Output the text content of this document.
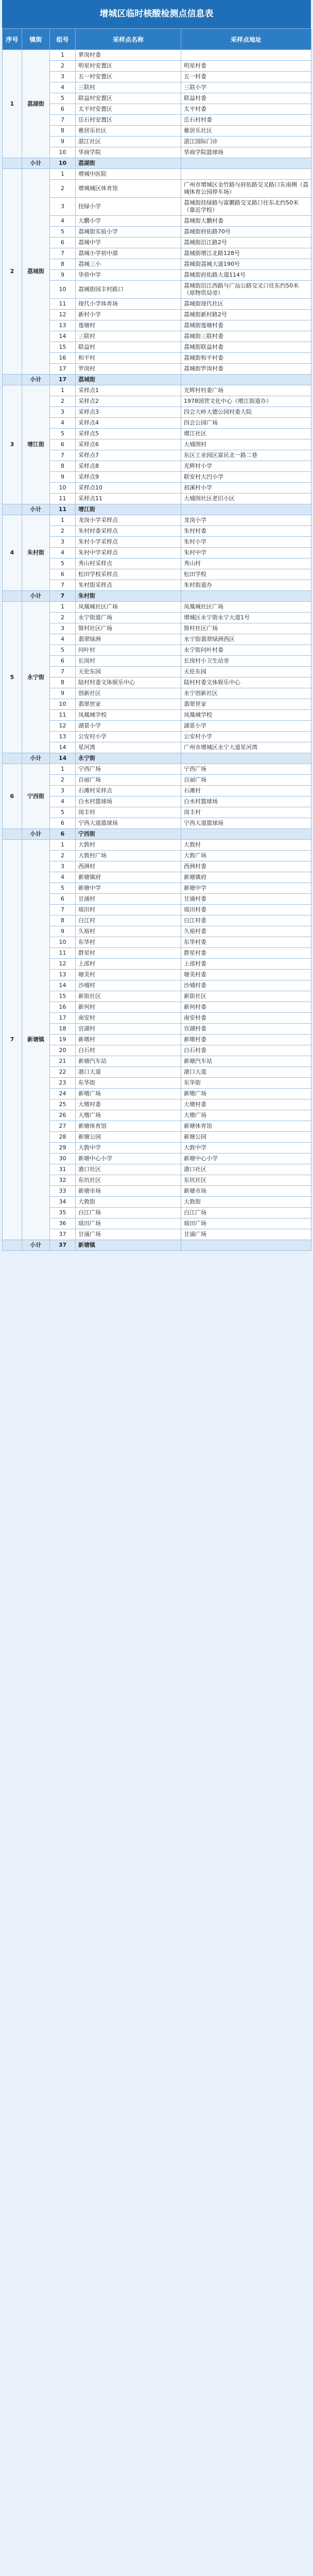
增城区临时核酸检测点信息表
序号	镇街	组号	采样点名称	采样点地址
1	荔湖街	1	萝岗村委	
		2	明星村安置区	明星村委
		3	五一村安置区	五一村委
		4	三联村	三联小学
		5	联益村安置区	联益村委
		6	太平村安置区	太平村委
		7	岳石村安置区	岳石村村委
		8	雅居乐社区	雅居乐社区
		9	湛江社区	湛江国际门诊
		10	华商学院	华商学院篮球场
	小计	10	荔湖街	
2	荔城街	1	增城中医院	
		2	增城城区体育馆	广州市增城区金竹路与府佑路交叉路口东南侧（荔城体育公园停车场）
		3	挂绿小学	荔城街挂绿路与富鹏路交叉路口往东北约50米（靠近学校）
		4	大鹏小学	荔城街大鹏村委
		5	荔城街实验小学	荔城街府佑路70号
		6	荔城中学	荔城街沿江路2号
		7	荔城小学初中部	荔城街增江北路128号
		8	荔城三小	荔城街荔城大道190号
		9	华侨中学	荔城街府佑路大道114号
		10	荔城街园丰村路口	荔城街沿江西路与广汕公路交叉口往东约50米（原物资局旁）
		11	现代小学体育场	荔城街现代社区
		12	新村小学	荔城街新村路2号
		13	莲塘村	荔城街莲塘村委
		14	三联村	荔城街三联村委
		15	联益村	荔城街联益村委
		16	和平村	荔城街和平村委
		17	罗岗村	荔城街罗岗村委
	小计	17	荔城街	
3	增江街	1	采样点1	光辉村村委广场
		2	采样点2	1978国营文化中心（增江街道办）
		3	采样点3	四会大岭大德公园村委大院
		4	采样点4	四会公园广场
		5	采样点5	增江社区
		6	采样点6	大埔围村
		7	采样点7	东区工业园区富民北一路二巷
		8	采样点8	光辉村小学
		9	采样点9	联安村大凹小学
		10	采样点10	初溪村小学
		11	采样点11	大埔围社区老旧小区
	小计	11	增江街	
4	朱村街	1	龙岗小学采样点	龙岗小学
		2	朱村村委采样点	朱村村委
		3	朱村小学采样点	朱村小学
		4	朱村中学采样点	朱村中学
		5	秀山村采样点	秀山村
		6	松田学校采样点	松田学校
		7	朱村街采样点	朱村街道办
	小计	7	朱村街	
5	永宁街	1	凤凰城社区广场	凤凰城社区广场
		2	永宁街道广场	增城区永宁街永宁大道1号
		3	简村社区广场	简村社区广场
		4	翡翠绿洲	永宁街翡翠绿洲西区
		5	问叶村	永宁街问叶村委
		6	长岗村	长岗村小卫生站旁
		7	天伦东园	天伦东园
		8	陆村村委文体娱乐中心	陆村村委文体娱乐中心
		9	创新社区	永宁创新社区
		10	翡翠世家	翡翠世家
		11	凤凰城学校	凤凰城学校
		12	湖景小学	湖景小学
		13	公安村小学	公安村小学
		14	星河湾	广州市增城区永宁大道星河湾
	小计	14	永宁街	
6	宁西街	1	宁西广场	宁西广场
		2	百丽广场	百丽广场
		3	石滩村采样点	石滩村
		4	白水村篮球场	白水村篮球场
		5	岗丰村	岗丰村
		6	宁西大道篮球场	宁西大道篮球场
	小计	6	宁西街	
7	新塘镇	1	大敦村	大敦村
		2	大敦村广场	大敦广场
		3	西洲村	西洲村委
		4	新塘镇府	新塘镇府
		5	新塘中学	新塘中学
		6	甘涌村	甘涌村委
		7	瑶田村	瑶田村委
		8	白江村	白江村委
		9	久裕村	久裕村委
		10	东华村	东华村委
		11	群星村	群星村委
		12	上邵村	上邵村委
		13	塘美村	塘美村委
		14	沙埔村	沙埔村委
		15	新街社区	新街社区
		16	新何村	新何村委
		17	南安村	南安村委
		18	官湖村	官湖村委
		19	新墩村	新墩村委
		20	白石村	白石村委
		21	新塘汽车站	新塘汽车站
		22	港口大道	港口大道
		23	东华街	东华街
		24	新墩广场	新墩广场
		25	大墩村委	大墩村委
		26	大墩广场	大墩广场
		27	新塘体育馆	新塘体育馆
		28	新塘公园	新塘公园
		29	大敦中学	大敦中学
		30	新塘中心小学	新塘中心小学
		31	港口社区	港口社区
		32	东坑社区	东坑社区
		33	新塘市场	新塘市场
		34	大敦街	大敦街
		35	白江广场	白江广场
		36	瑶田广场	瑶田广场
		37	甘涌广场	甘涌广场
	小计	37	新塘镇	
